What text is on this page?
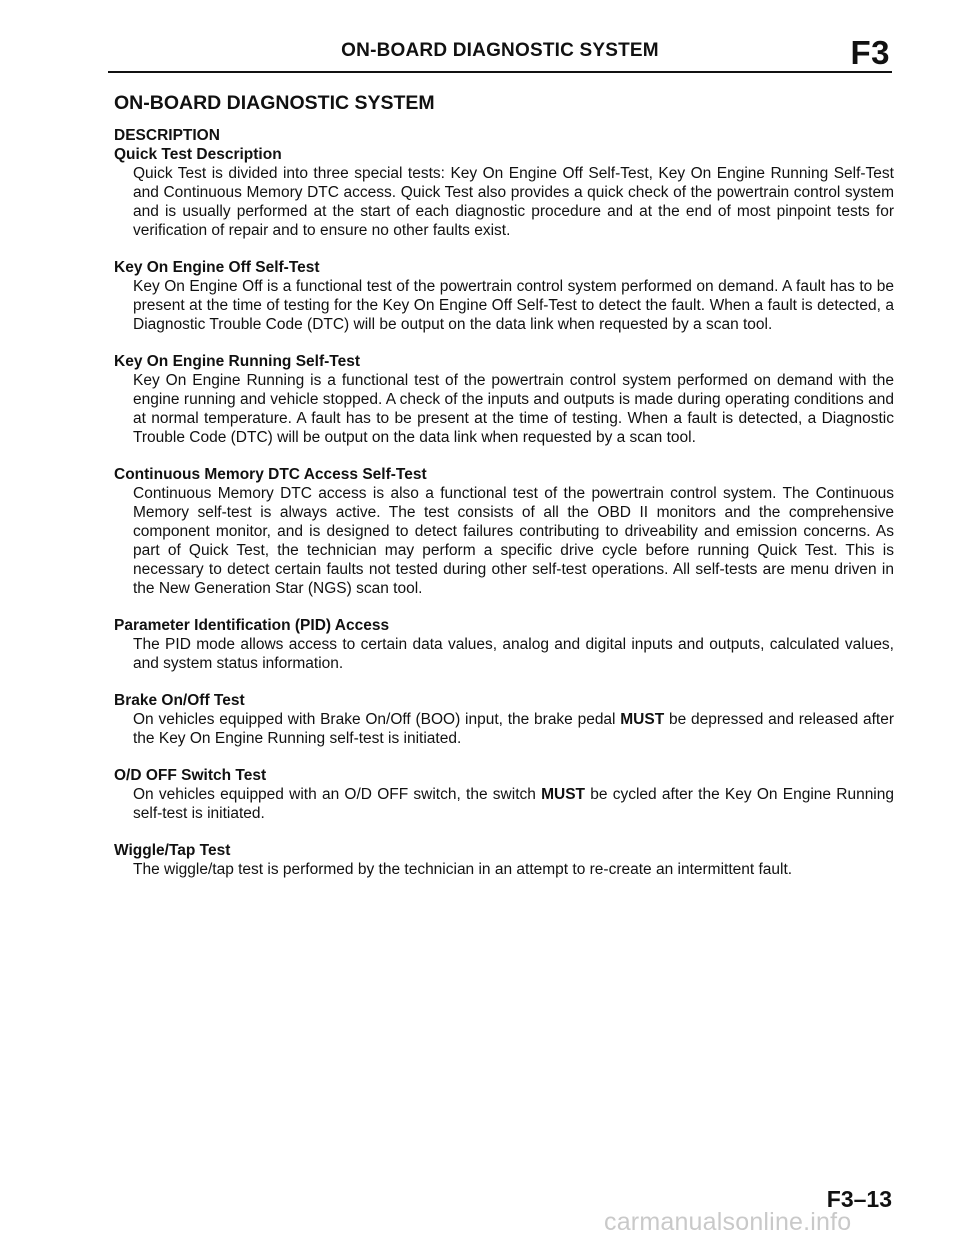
ON-BOARD DIAGNOSTIC SYSTEM	F3
ON-BOARD DIAGNOSTIC SYSTEM
DESCRIPTION
Quick Test Description
Quick Test is divided into three special tests: Key On Engine Off Self-Test, Key On Engine Running Self-Test and Continuous Memory DTC access. Quick Test also provides a quick check of the powertrain control system and is usually performed at the start of each diagnostic procedure and at the end of most pinpoint tests for verification of repair and to ensure no other faults exist.
Key On Engine Off Self-Test
Key On Engine Off is a functional test of the powertrain control system performed on demand. A fault has to be present at the time of testing for the Key On Engine Off Self-Test to detect the fault. When a fault is detected, a Diagnostic Trouble Code (DTC) will be output on the data link when requested by a scan tool.
Key On Engine Running Self-Test
Key On Engine Running is a functional test of the powertrain control system performed on demand with the engine running and vehicle stopped. A check of the inputs and outputs is made during operating conditions and at normal temperature. A fault has to be present at the time of testing. When a fault is detected, a Diagnostic Trouble Code (DTC) will be output on the data link when requested by a scan tool.
Continuous Memory DTC Access Self-Test
Continuous Memory DTC access is also a functional test of the powertrain control system. The Continuous Memory self-test is always active. The test consists of all the OBD II monitors and the comprehensive component monitor, and is designed to detect failures contributing to driveability and emission concerns. As part of Quick Test, the technician may perform a specific drive cycle before running Quick Test. This is necessary to detect certain faults not tested during other self-test operations. All self-tests are menu driven in the New Generation Star (NGS) scan tool.
Parameter Identification (PID) Access
The PID mode allows access to certain data values, analog and digital inputs and outputs, calculated values, and system status information.
Brake On/Off Test
On vehicles equipped with Brake On/Off (BOO) input, the brake pedal MUST be depressed and released after the Key On Engine Running self-test is initiated.
O/D OFF Switch Test
On vehicles equipped with an O/D OFF switch, the switch MUST be cycled after the Key On Engine Running self-test is initiated.
Wiggle/Tap Test
The wiggle/tap test is performed by the technician in an attempt to re-create an intermittent fault.
F3–13
carmanualsonline.info
